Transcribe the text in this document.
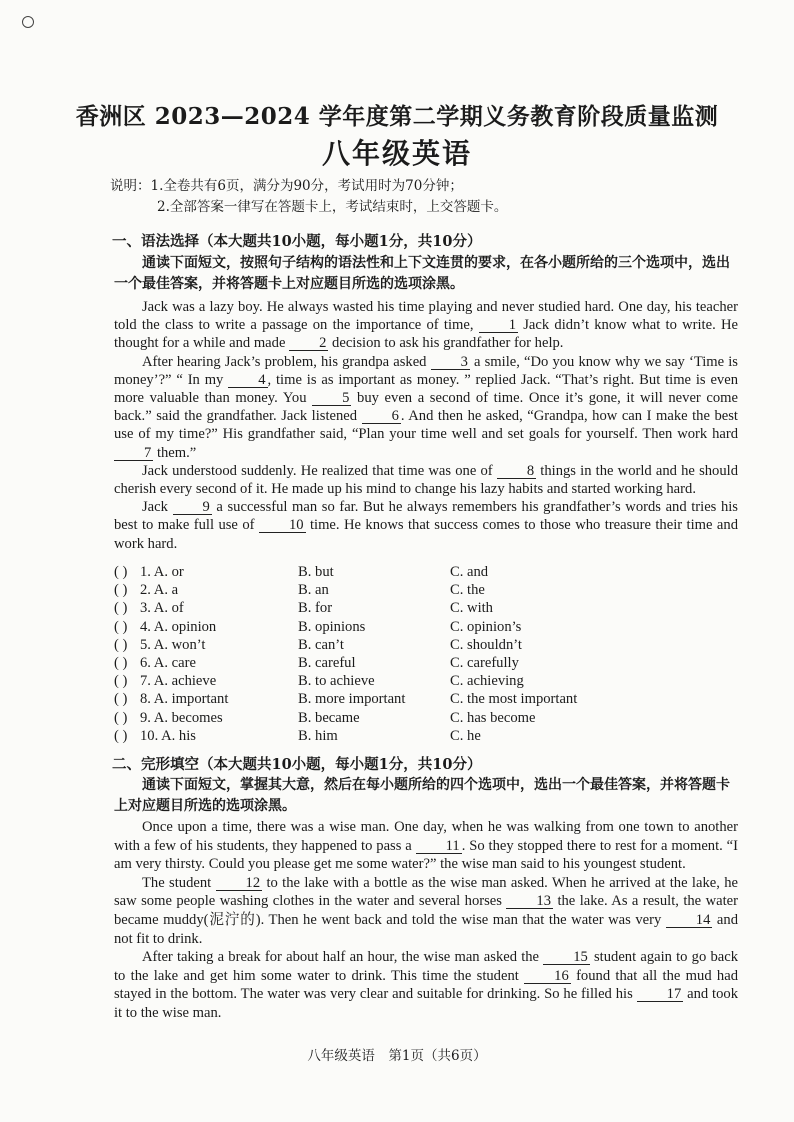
香洲区 2023—2024 学年度第二学期义务教育阶段质量监测
八年级英语
说明：1.全卷共有6页，满分为90分，考试用时为70分钟；
2.全部答案一律写在答题卡上，考试结束时，上交答题卡。
一、语法选择（本大题共10小题，每小题1分，共10分）
通读下面短文，按照句子结构的语法性和上下文连贯的要求，在各小题所给的三个选项中，选出一个最佳答案，并将答题卡上对应题目所选的选项涂黑。

Jack was a lazy boy. He always wasted his time playing and never studied hard. One day, his teacher told the class to write a passage on the importance of time, 1 Jack didn’t know what to write. He thought for a while and made 2 decision to ask his grandfather for help.

After hearing Jack’s problem, his grandpa asked 3 a smile, “Do you know why we say ‘Time is money’?” “ In my 4 , time is as important as money. ” replied Jack. “That’s right. But time is even more valuable than money. You 5 buy even a second of time. Once it’s gone, it will never come back.” said the grandfather. Jack listened 6 . And then he asked, “Grandpa, how can I make the best use of my time?” His grandfather said, “Plan your time well and set goals for yourself. Then work hard 7 them.”

Jack understood suddenly. He realized that time was one of 8 things in the world and he should cherish every second of it. He made up his mind to change his lazy habits and started working hard.

Jack 9 a successful man so far. But he always remembers his grandfather’s words and tries his best to make full use of 10 time. He knows that success comes to those who treasure their time and work hard.

( ) 1. A. or	B. but	C. and
( ) 2. A. a	B. an	C. the
( ) 3. A. of	B. for	C. with
( ) 4. A. opinion	B. opinions	C. opinion’s
( ) 5. A. won’t	B. can’t	C. shouldn’t
( ) 6. A. care	B. careful	C. carefully
( ) 7. A. achieve	B. to achieve	C. achieving
( ) 8. A. important	B. more important	C. the most important
( ) 9. A. becomes	B. became	C. has become
( ) 10. A. his	B. him	C. he
二、完形填空（本大题共10小题，每小题1分，共10分）
通读下面短文，掌握其大意，然后在每小题所给的四个选项中，选出一个最佳答案，并将答题卡上对应题目所选的选项涂黑。

Once upon a time, there was a wise man. One day, when he was walking from one town to another with a few of his students, they happened to pass a 11 . So they stopped there to rest for a moment. “I am very thirsty. Could you please get me some water?” the wise man said to his youngest student.

The student 12 to the lake with a bottle as the wise man asked. When he arrived at the lake, he saw some people washing clothes in the water and several horses 13 the lake. As a result, the water became muddy(泥泞的). Then he went back and told the wise man that the water was very 14 and not fit to drink.

After taking a break for about half an hour, the wise man asked the 15 student again to go back to the lake and get him some water to drink. This time the student 16 found that all the mud had stayed in the bottom. The water was very clear and suitable for drinking. So he filled his 17 and took it to the wise man.

八年级英语　第1页（共6页）
